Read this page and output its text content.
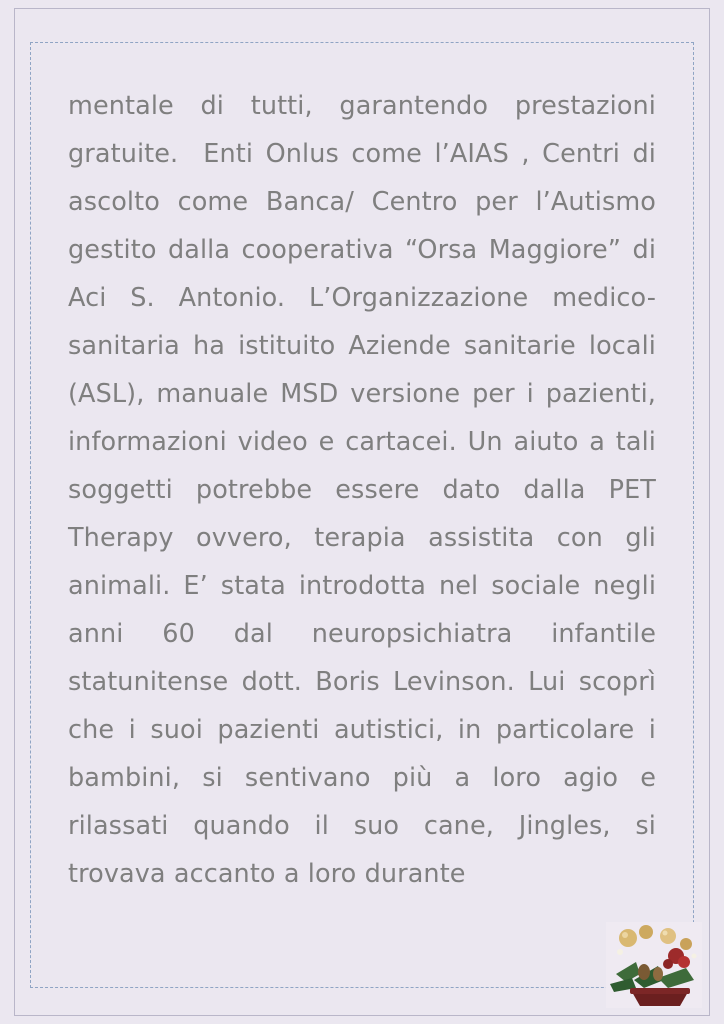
mentale di tutti, garantendo prestazioni gratuite.  Enti Onlus come l’AIAS , Centri di ascolto come Banca/ Centro per l’Autismo gestito dalla cooperativa “Orsa Maggiore” di Aci S. Antonio. L’Organizzazione medico-sanitaria ha istituito Aziende sanitarie locali (ASL), manuale MSD versione per i pazienti, informazioni video e cartacei. Un aiuto a tali soggetti potrebbe essere dato dalla PET Therapy ovvero, terapia assistita con gli animali. E’ stata introdotta nel sociale negli anni 60 dal neuropsichiatra infantile statunitense dott. Boris Levinson. Lui scoprì che i suoi pazienti autistici, in particolare i bambini, si sentivano più a loro agio e rilassati quando il suo cane, Jingles, si trovava accanto a loro durante
